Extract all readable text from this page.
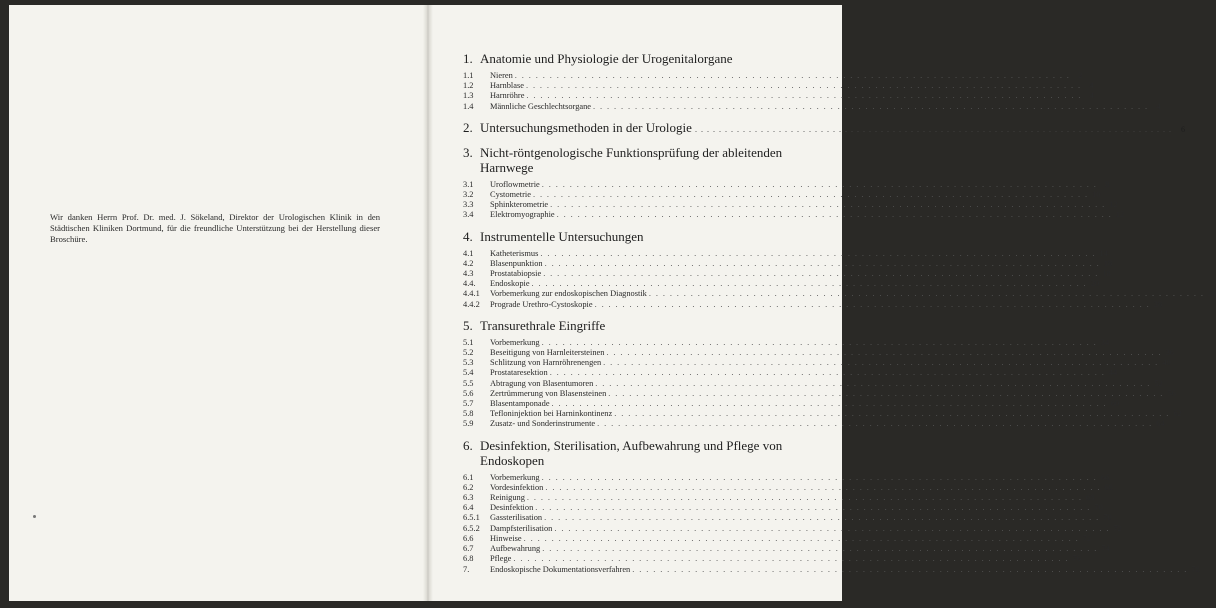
Wir danken Herrn Prof. Dr. med. J. Sökeland, Direktor der Urologischen Klinik in den Städtischen Kliniken Dortmund, für die freundliche Unterstützung bei der Herstellung dieser Broschüre.

1. Anatomie und Physiologie der Urogenitalorgane
1.1	Nieren . . . . . . . . . . . . . . . . . . . . . . . . . . . . . . . . . . . . . . . . . . . . . . . . . . . . . . . . . . . . . . . . . . . . . . . . . . . . . . . . 2
1.2	Harnblase . . . . . . . . . . . . . . . . . . . . . . . . . . . . . . . . . . . . . . . . . . . . . . . . . . . . . . . . . . . . . . . . . . . . . . . . . . . . . . . . 4
1.3	Harnröhre . . . . . . . . . . . . . . . . . . . . . . . . . . . . . . . . . . . . . . . . . . . . . . . . . . . . . . . . . . . . . . . . . . . . . . . . . . . . . . . . 4
1.4	Männliche Geschlechtsorgane . . . . . . . . . . . . . . . . . . . . . . . . . . . . . . . . . . . . . . . . . . . . . . . . . . . . . . . . . . . . . . . . . . . . . . . . . . . . . . . . 4
2. Untersuchungsmethoden in der Urologie . . . . . . . . . . . . . . . . . . . . . . . . . . . . . . . . . . . . . . . . . . . . . . . . . . . . . . . . . . . . . . . . . . . . . . . . . . . . . . . .	6
3. Nicht-röntgenologische Funktionsprüfung der ableitenden Harnwege
3.1	Uroflowmetrie . . . . . . . . . . . . . . . . . . . . . . . . . . . . . . . . . . . . . . . . . . . . . . . . . . . . . . . . . . . . . . . . . . . . . . . . . . . . . . . . 8
3.2	Cystometrie . . . . . . . . . . . . . . . . . . . . . . . . . . . . . . . . . . . . . . . . . . . . . . . . . . . . . . . . . . . . . . . . . . . . . . . . . . . . . . . . 10
3.3	Sphinkterometrie . . . . . . . . . . . . . . . . . . . . . . . . . . . . . . . . . . . . . . . . . . . . . . . . . . . . . . . . . . . . . . . . . . . . . . . . . . . . . . . . 12
3.4	Elektromyographie . . . . . . . . . . . . . . . . . . . . . . . . . . . . . . . . . . . . . . . . . . . . . . . . . . . . . . . . . . . . . . . . . . . . . . . . . . . . . . . . 12
4. Instrumentelle Untersuchungen
4.1	Katheterismus . . . . . . . . . . . . . . . . . . . . . . . . . . . . . . . . . . . . . . . . . . . . . . . . . . . . . . . . . . . . . . . . . . . . . . . . . . . . . . . . 14
4.2	Blasenpunktion . . . . . . . . . . . . . . . . . . . . . . . . . . . . . . . . . . . . . . . . . . . . . . . . . . . . . . . . . . . . . . . . . . . . . . . . . . . . . . . . 18
4.3	Prostatabiopsie . . . . . . . . . . . . . . . . . . . . . . . . . . . . . . . . . . . . . . . . . . . . . . . . . . . . . . . . . . . . . . . . . . . . . . . . . . . . . . . . 18
4.4.	Endoskopie . . . . . . . . . . . . . . . . . . . . . . . . . . . . . . . . . . . . . . . . . . . . . . . . . . . . . . . . . . . . . . . . . . . . . . . . . . . . . . . . 20
4.4.1	Vorbemerkung zur endoskopischen Diagnostik . . . . . . . . . . . . . . . . . . . . . . . . . . . . . . . . . . . . . . . . . . . . . . . . . . . . . . . . . . . . . . . . . . . . . . . . . . . . . . . . 26
4.4.2	Prograde Urethro-Cystoskopie . . . . . . . . . . . . . . . . . . . . . . . . . . . . . . . . . . . . . . . . . . . . . . . . . . . . . . . . . . . . . . . . . . . . . . . . . . . . . . . . 28
5. Transurethrale Eingriffe
5.1	Vorbemerkung . . . . . . . . . . . . . . . . . . . . . . . . . . . . . . . . . . . . . . . . . . . . . . . . . . . . . . . . . . . . . . . . . . . . . . . . . . . . . . . . 34
5.2	Beseitigung von Harnleitersteinen . . . . . . . . . . . . . . . . . . . . . . . . . . . . . . . . . . . . . . . . . . . . . . . . . . . . . . . . . . . . . . . . . . . . . . . . . . . . . . . . 36
5.3	Schlitzung von Harnröhrenengen . . . . . . . . . . . . . . . . . . . . . . . . . . . . . . . . . . . . . . . . . . . . . . . . . . . . . . . . . . . . . . . . . . . . . . . . . . . . . . . . 40
5.4	Prostataresektion . . . . . . . . . . . . . . . . . . . . . . . . . . . . . . . . . . . . . . . . . . . . . . . . . . . . . . . . . . . . . . . . . . . . . . . . . . . . . . . . 44
5.5	Abtragung von Blasentumoren . . . . . . . . . . . . . . . . . . . . . . . . . . . . . . . . . . . . . . . . . . . . . . . . . . . . . . . . . . . . . . . . . . . . . . . . . . . . . . . . 52
5.6	Zertrümmerung von Blasensteinen . . . . . . . . . . . . . . . . . . . . . . . . . . . . . . . . . . . . . . . . . . . . . . . . . . . . . . . . . . . . . . . . . . . . . . . . . . . . . . . . 56
5.7	Blasentamponade . . . . . . . . . . . . . . . . . . . . . . . . . . . . . . . . . . . . . . . . . . . . . . . . . . . . . . . . . . . . . . . . . . . . . . . . . . . . . . . . 60
5.8	Tefloninjektion bei Harninkontinenz . . . . . . . . . . . . . . . . . . . . . . . . . . . . . . . . . . . . . . . . . . . . . . . . . . . . . . . . . . . . . . . . . . . . . . . . . . . . . . . . 62
5.9	Zusatz- und Sonderinstrumente . . . . . . . . . . . . . . . . . . . . . . . . . . . . . . . . . . . . . . . . . . . . . . . . . . . . . . . . . . . . . . . . . . . . . . . . . . . . . . . . 64
6. Desinfektion, Sterilisation, Aufbewahrung und Pflege von Endoskopen
6.1	Vorbemerkung . . . . . . . . . . . . . . . . . . . . . . . . . . . . . . . . . . . . . . . . . . . . . . . . . . . . . . . . . . . . . . . . . . . . . . . . . . . . . . . . 66
6.2	Vordesinfektion . . . . . . . . . . . . . . . . . . . . . . . . . . . . . . . . . . . . . . . . . . . . . . . . . . . . . . . . . . . . . . . . . . . . . . . . . . . . . . . . 68
6.3	Reinigung . . . . . . . . . . . . . . . . . . . . . . . . . . . . . . . . . . . . . . . . . . . . . . . . . . . . . . . . . . . . . . . . . . . . . . . . . . . . . . . . 68
6.4	Desinfektion . . . . . . . . . . . . . . . . . . . . . . . . . . . . . . . . . . . . . . . . . . . . . . . . . . . . . . . . . . . . . . . . . . . . . . . . . . . . . . . . 70
6.5.1	Gassterilisation . . . . . . . . . . . . . . . . . . . . . . . . . . . . . . . . . . . . . . . . . . . . . . . . . . . . . . . . . . . . . . . . . . . . . . . . . . . . . . . . 70
6.5.2	Dampfsterilisation . . . . . . . . . . . . . . . . . . . . . . . . . . . . . . . . . . . . . . . . . . . . . . . . . . . . . . . . . . . . . . . . . . . . . . . . . . . . . . . . 72
6.6	Hinweise . . . . . . . . . . . . . . . . . . . . . . . . . . . . . . . . . . . . . . . . . . . . . . . . . . . . . . . . . . . . . . . . . . . . . . . . . . . . . . . . 72
6.7	Aufbewahrung . . . . . . . . . . . . . . . . . . . . . . . . . . . . . . . . . . . . . . . . . . . . . . . . . . . . . . . . . . . . . . . . . . . . . . . . . . . . . . . . 74
6.8	Pflege . . . . . . . . . . . . . . . . . . . . . . . . . . . . . . . . . . . . . . . . . . . . . . . . . . . . . . . . . . . . . . . . . . . . . . . . . . . . . . . . 76
7.	Endoskopische Dokumentationsverfahren . . . . . . . . . . . . . . . . . . . . . . . . . . . . . . . . . . . . . . . . . . . . . . . . . . . . . . . . . . . . . . . . . . . . . . . . . . . . . . . . 78
